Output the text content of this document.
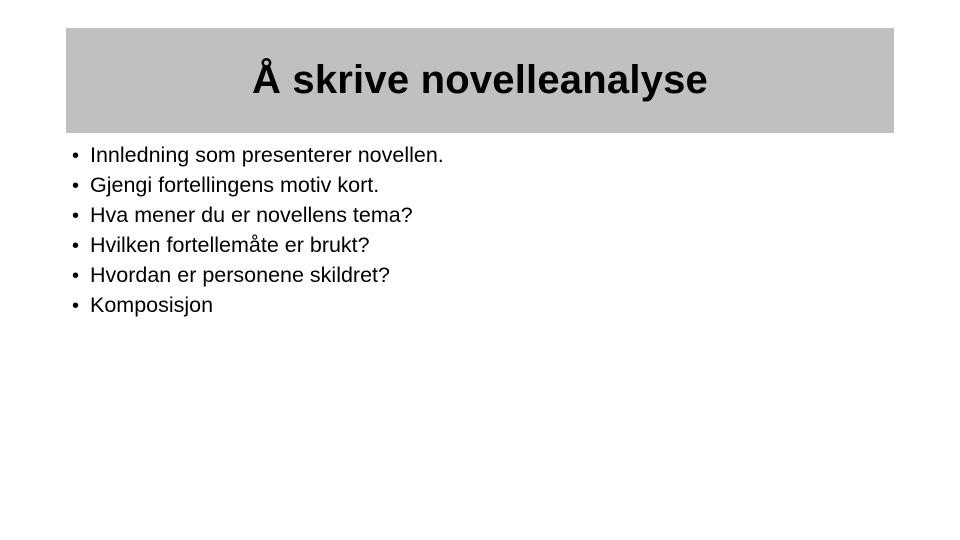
Å skrive novelleanalyse
• Innledning som presenterer novellen.
• Gjengi fortellingens motiv kort.
• Hva mener du er novellens tema?
• Hvilken fortellemåte er brukt?
• Hvordan er personene skildret?
• Komposisjon
